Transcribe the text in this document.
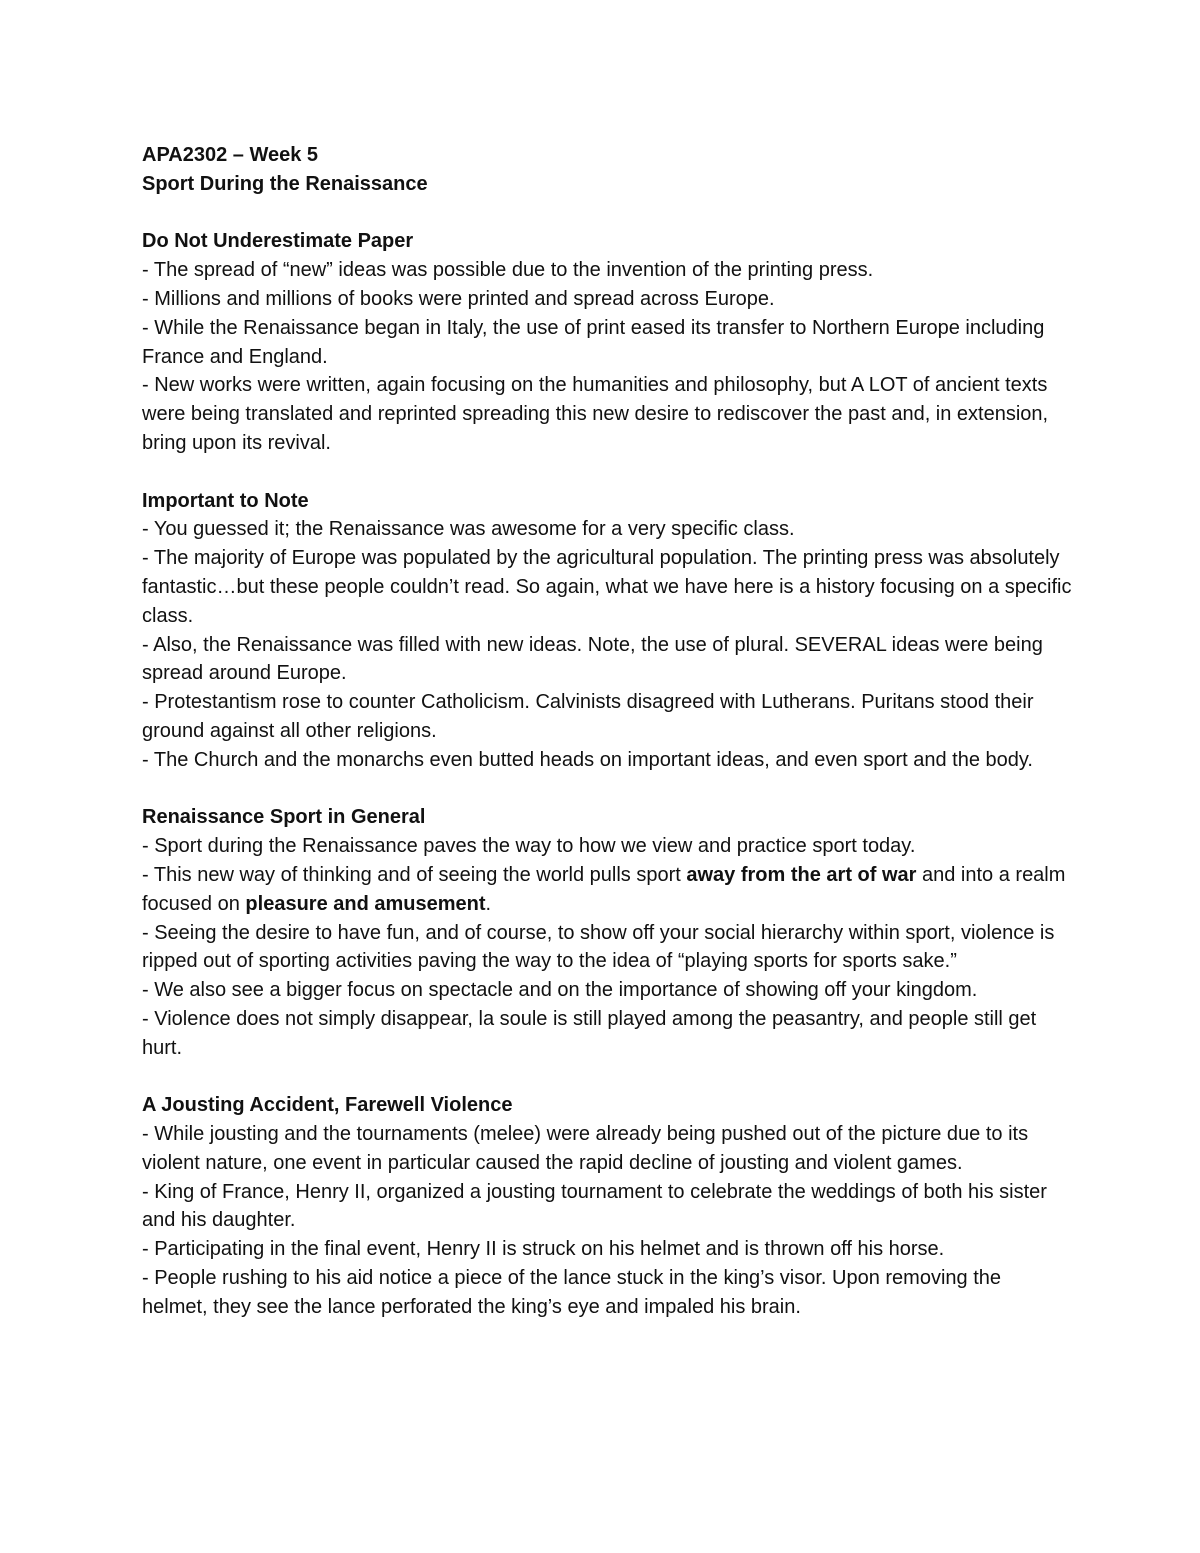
APA2302 – Week 5

Sport During the Renaissance

Do Not Underestimate Paper

- The spread of “new” ideas was possible due to the invention of the printing press.

- Millions and millions of books were printed and spread across Europe.

- While the Renaissance began in Italy, the use of print eased its transfer to Northern Europe including France and England.

- New works were written, again focusing on the humanities and philosophy, but A LOT of ancient texts were being translated and reprinted spreading this new desire to rediscover the past and, in extension, bring upon its revival.

Important to Note

- You guessed it; the Renaissance was awesome for a very specific class.

- The majority of Europe was populated by the agricultural population. The printing press was absolutely fantastic…but these people couldn’t read. So again, what we have here is a history focusing on a specific class.

- Also, the Renaissance was filled with new ideas. Note, the use of plural. SEVERAL ideas were being spread around Europe.

- Protestantism rose to counter Catholicism. Calvinists disagreed with Lutherans. Puritans stood their ground against all other religions.

- The Church and the monarchs even butted heads on important ideas, and even sport and the body.

Renaissance Sport in General

- Sport during the Renaissance paves the way to how we view and practice sport today.

- This new way of thinking and of seeing the world pulls sport away from the art of war and into a realm focused on pleasure and amusement.

- Seeing the desire to have fun, and of course, to show off your social hierarchy within sport, violence is ripped out of sporting activities paving the way to the idea of “playing sports for sports sake.”

- We also see a bigger focus on spectacle and on the importance of showing off your kingdom.

- Violence does not simply disappear, la soule is still played among the peasantry, and people still get hurt.

A Jousting Accident, Farewell Violence

- While jousting and the tournaments (melee) were already being pushed out of the picture due to its violent nature, one event in particular caused the rapid decline of jousting and violent games.

- King of France, Henry II, organized a jousting tournament to celebrate the weddings of both his sister and his daughter.

- Participating in the final event, Henry II is struck on his helmet and is thrown off his horse.

- People rushing to his aid notice a piece of the lance stuck in the king’s visor. Upon removing the helmet, they see the lance perforated the king’s eye and impaled his brain.
